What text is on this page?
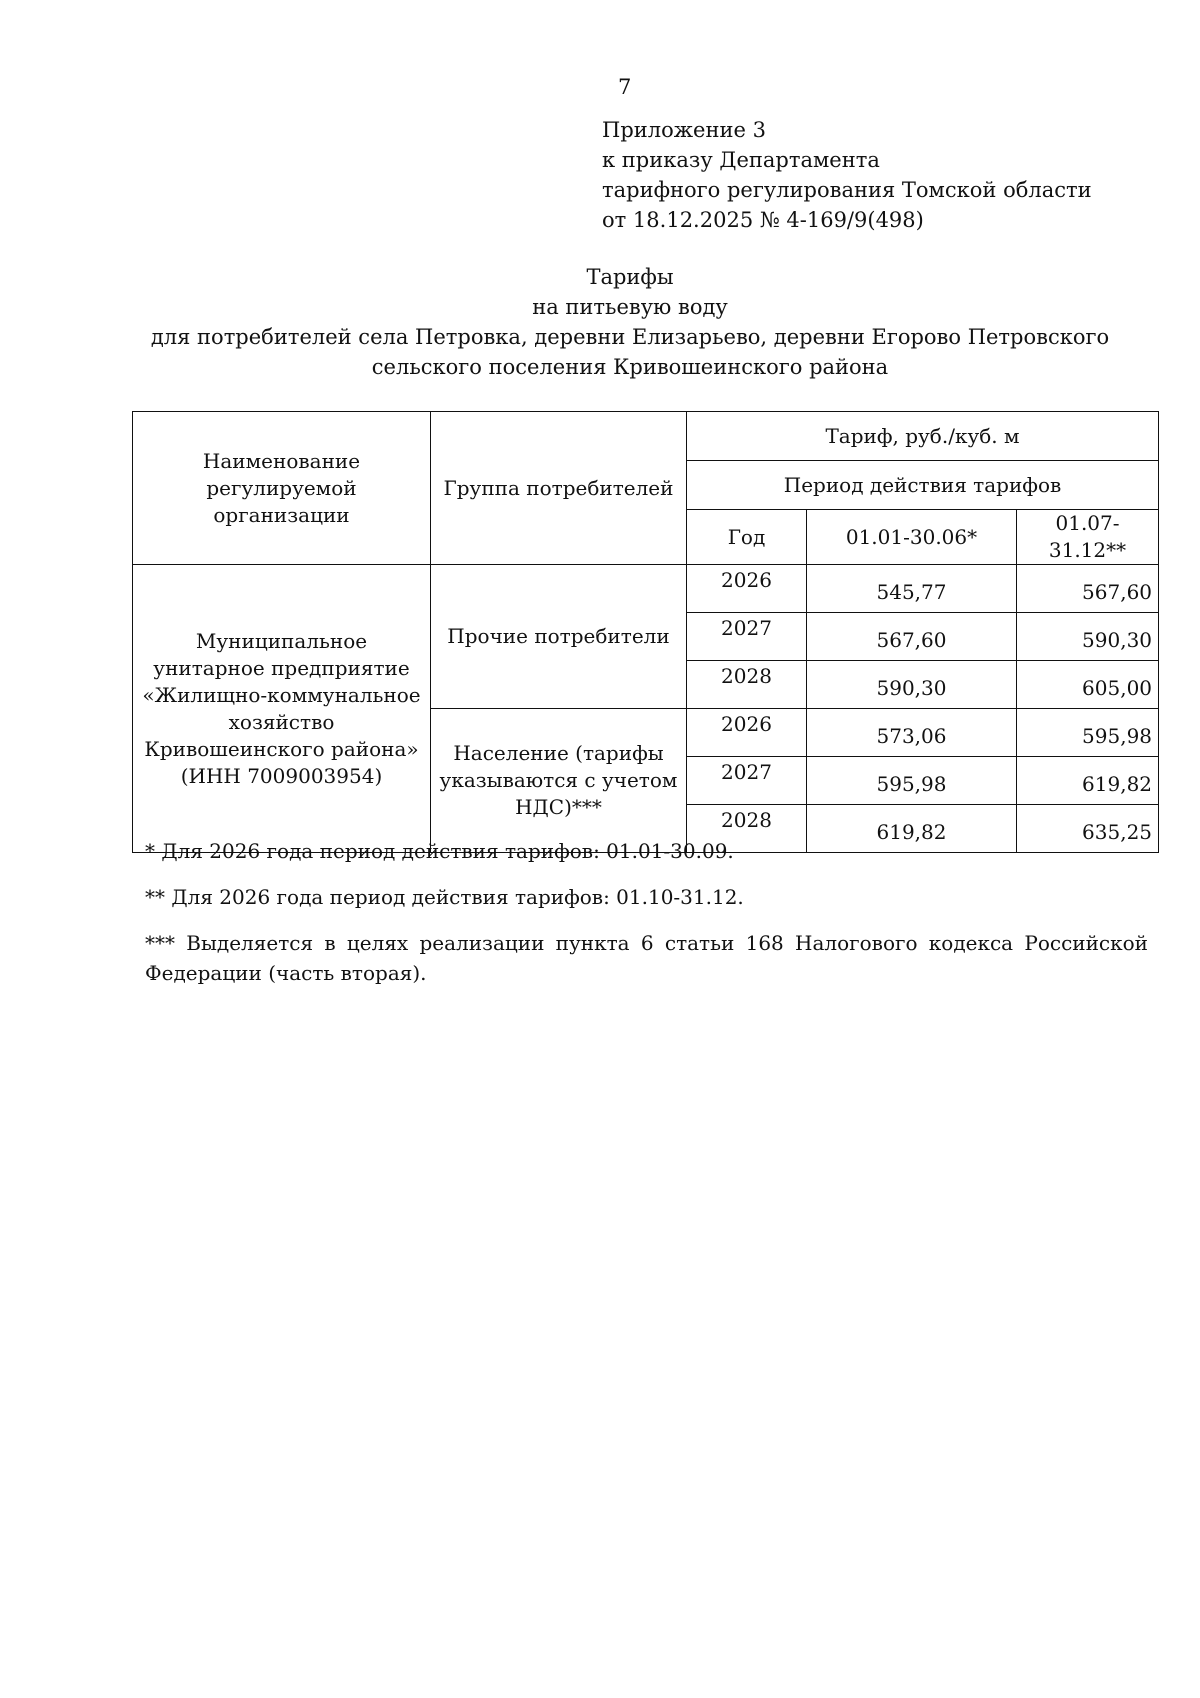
7
Приложение 3
к приказу Департамента
тарифного регулирования Томской области
от 18.12.2025 № 4-169/9(498)
Тарифы
на питьевую воду
для потребителей села Петровка, деревни Елизарьево, деревни Егорово Петровского
сельского поселения Кривошеинского района
Наименование регулируемой организации	Группа потребителей	Тариф, руб./куб. м		
		Период действия тарифов		
		Год	01.01-30.06*	01.07-31.12**
Муниципальное унитарное предприятие «Жилищно-коммунальное хозяйство Кривошеинского района» (ИНН 7009003954)	Прочие потребители	2026	545,77	567,60
		2027	567,60	590,30
		2028	590,30	605,00
	Население (тарифы указываются с учетом НДС)***	2026	573,06	595,98
		2027	595,98	619,82
		2028	619,82	635,25

* Для 2026 года период действия тарифов: 01.01-30.09.

** Для 2026 года период действия тарифов: 01.10-31.12.

*** Выделяется в целях реализации пункта 6 статьи 168 Налогового кодекса Российской Федерации (часть вторая).
